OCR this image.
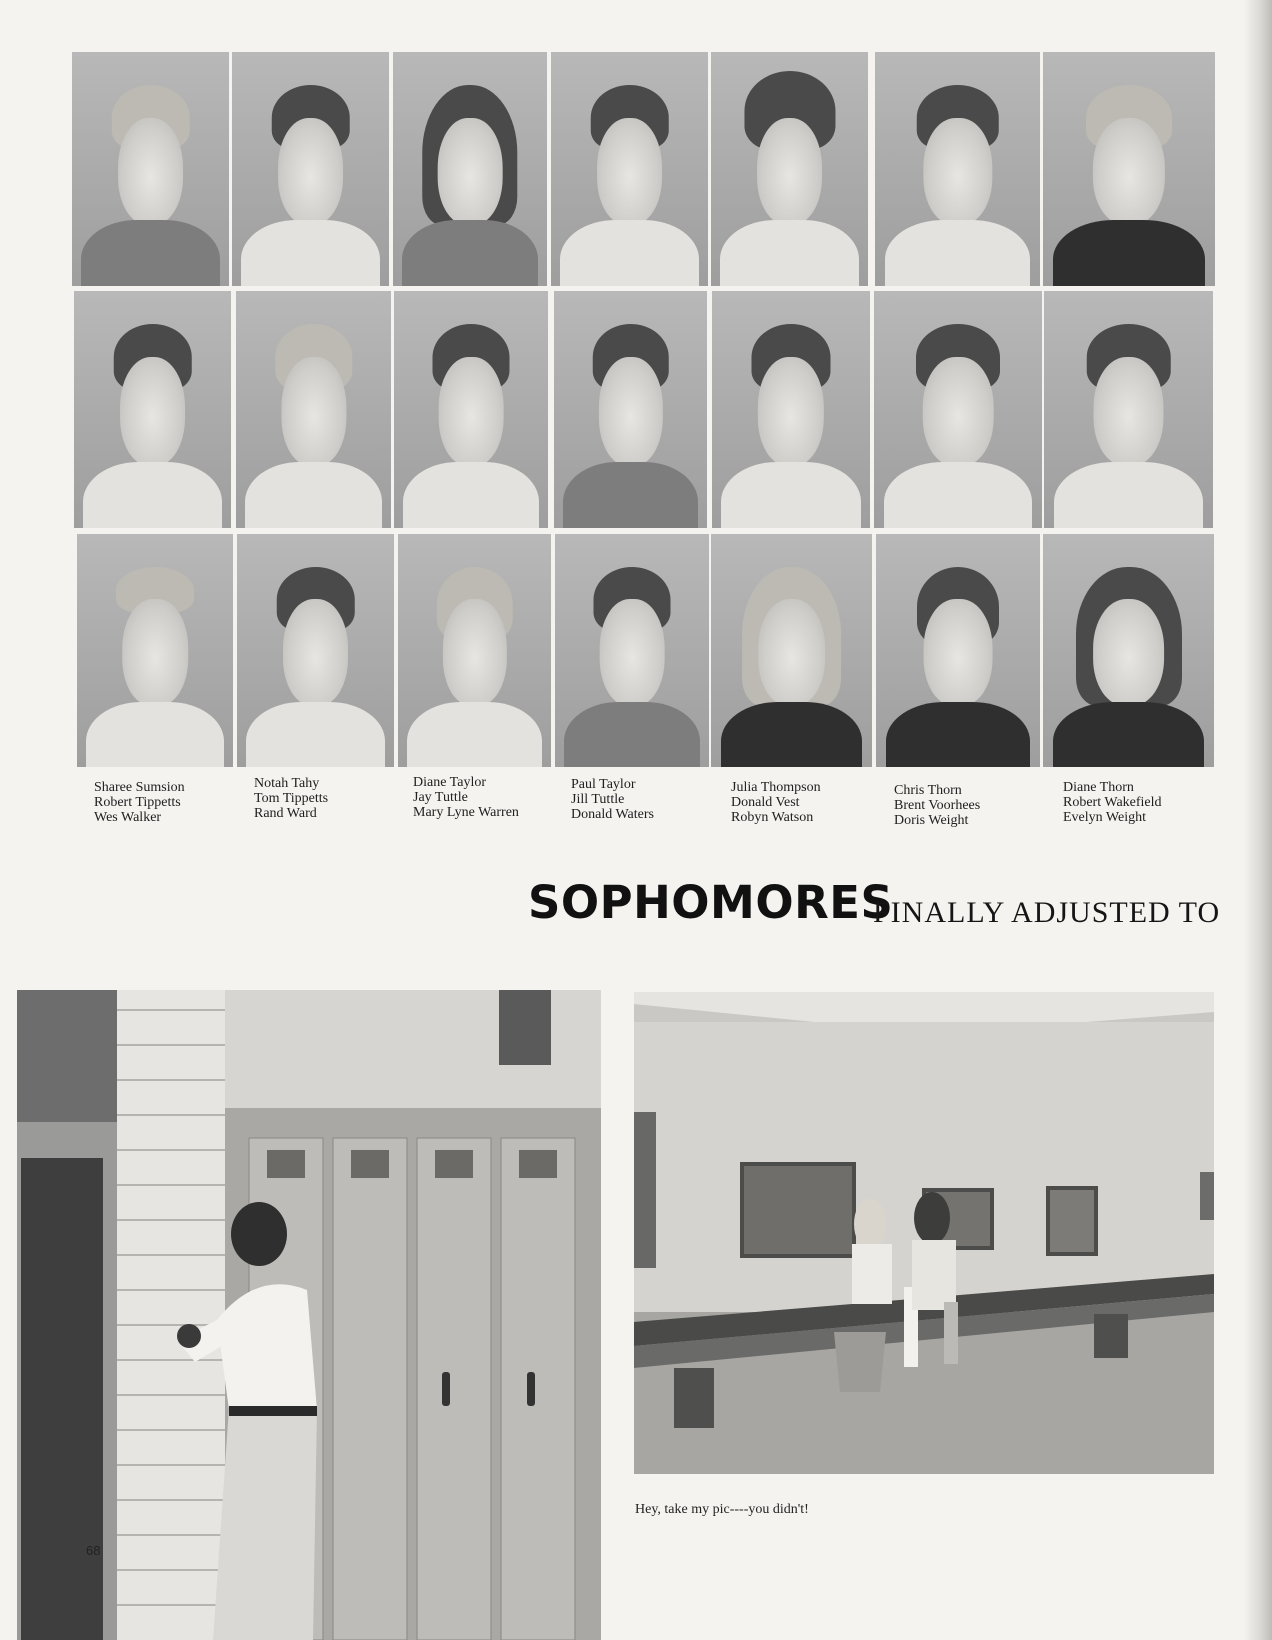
Sharee Sumsion
Robert Tippetts
Wes Walker
Notah Tahy
Tom Tippetts
Rand Ward
Diane Taylor
Jay Tuttle
Mary Lyne Warren
Paul Taylor
Jill Tuttle
Donald Waters
Julia Thompson
Donald Vest
Robyn Watson
Chris Thorn
Brent Voorhees
Doris Weight
Diane Thorn
Robert Wakefield
Evelyn Weight
SOPHOMORES
FINALLY ADJUSTED TO
Hey, take my pic----you didn't!
68
